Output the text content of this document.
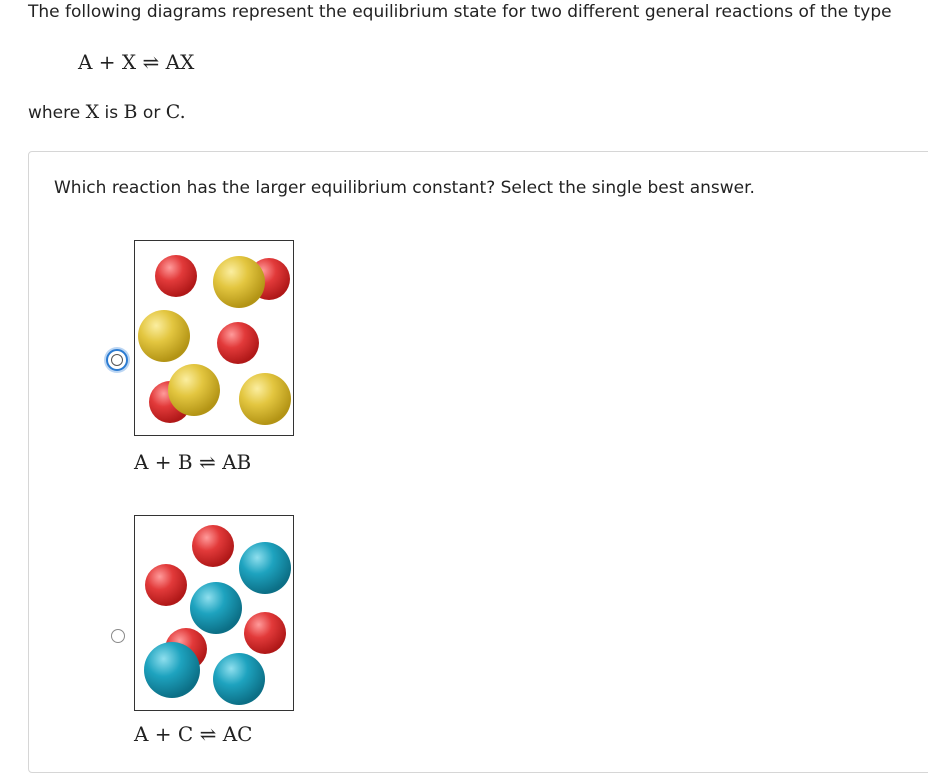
The following diagrams represent the equilibrium state for two different general reactions of the type
A + X ⇌ AX
where X is B or C.
Which reaction has the larger equilibrium constant? Select the single best answer.
A + B ⇌ AB
A + C ⇌ AC
